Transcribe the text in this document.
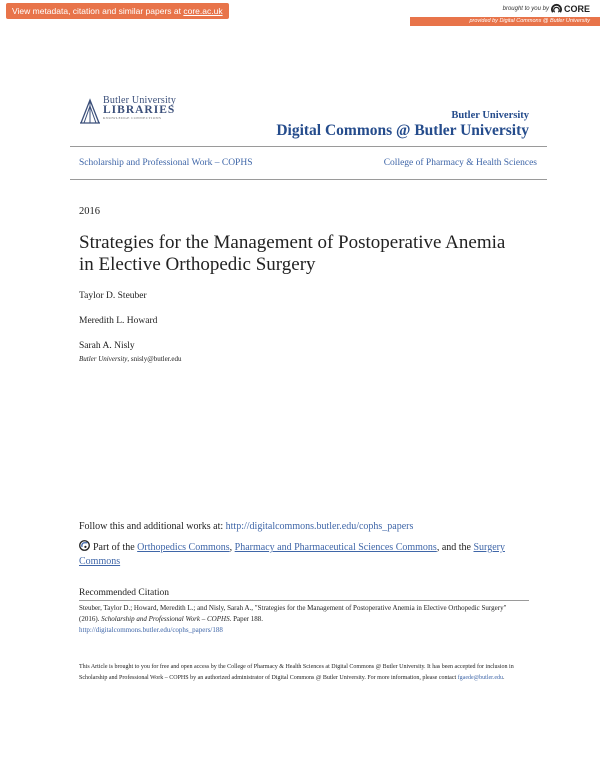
View metadata, citation and similar papers at core.ac.uk	brought to you by CORE
provided by Digital Commons @ Butler University
Butler University
LIBRARIES
KNOWLEDGE CONNECTIONS	Butler University
Digital Commons @ Butler University
Scholarship and Professional Work – COPHS	College of Pharmacy & Health Sciences
2016
Strategies for the Management of Postoperative Anemia in Elective Orthopedic Surgery
Taylor D. Steuber
Meredith L. Howard
Sarah A. Nisly
Butler University, snisly@butler.edu
Follow this and additional works at: http://digitalcommons.butler.edu/cophs_papers
Part of the Orthopedics Commons, Pharmacy and Pharmaceutical Sciences Commons, and the Surgery Commons
Recommended Citation
Steuber, Taylor D.; Howard, Meredith L.; and Nisly, Sarah A., "Strategies for the Management of Postoperative Anemia in Elective Orthopedic Surgery" (2016). Scholarship and Professional Work – COPHS. Paper 188.
http://digitalcommons.butler.edu/cophs_papers/188
This Article is brought to you for free and open access by the College of Pharmacy & Health Sciences at Digital Commons @ Butler University. It has been accepted for inclusion in Scholarship and Professional Work – COPHS by an authorized administrator of Digital Commons @ Butler University. For more information, please contact fgaede@butler.edu.
